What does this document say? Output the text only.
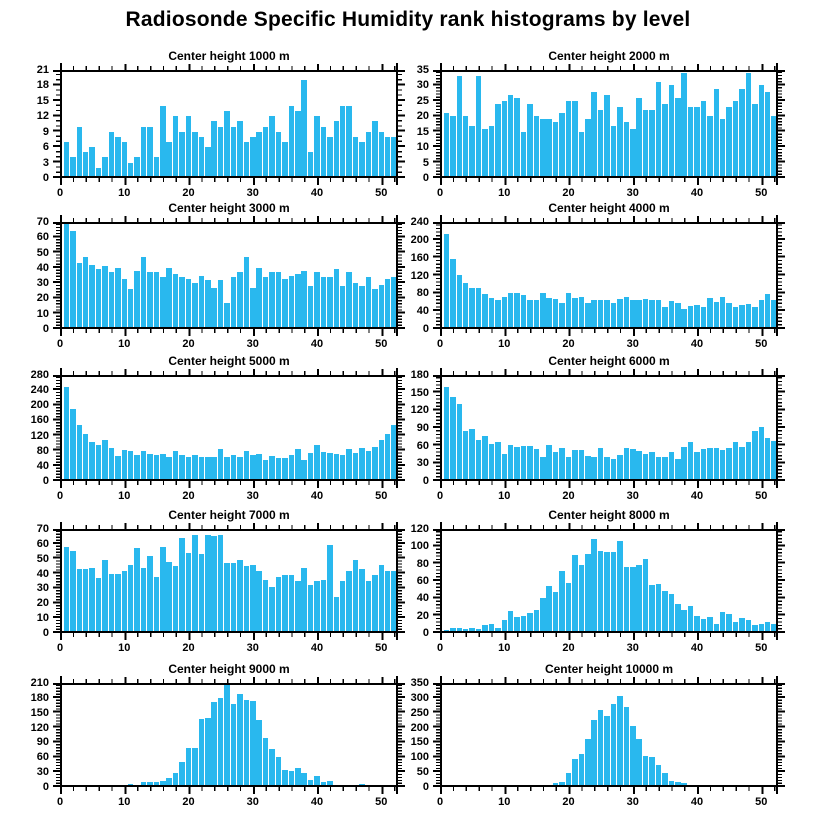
Radiosonde Specific Humidity rank histograms by level
Center height 1000 m
0
3
6
9
12
15
18
21
0	10	20	30	40	50
Center height 2000 m
0
5
10
15
20
25
30
35
0	10	20	30	40	50
Center height 3000 m
0
10
20
30
40
50
60
70
0	10	20	30	40	50
Center height 4000 m
0
40
80
120
160
200
240
0	10	20	30	40	50
Center height 5000 m
0
40
80
120
160
200
240
280
0	10	20	30	40	50
Center height 6000 m
0
30
60
90
120
150
180
0	10	20	30	40	50
Center height 7000 m
0
10
20
30
40
50
60
70
0	10	20	30	40	50
Center height 8000 m
0
20
40
60
80
100
120
0	10	20	30	40	50
Center height 9000 m
0
30
60
90
120
150
180
210
0	10	20	30	40	50
Center height 10000 m
0
50
100
150
200
250
300
350
0	10	20	30	40	50
